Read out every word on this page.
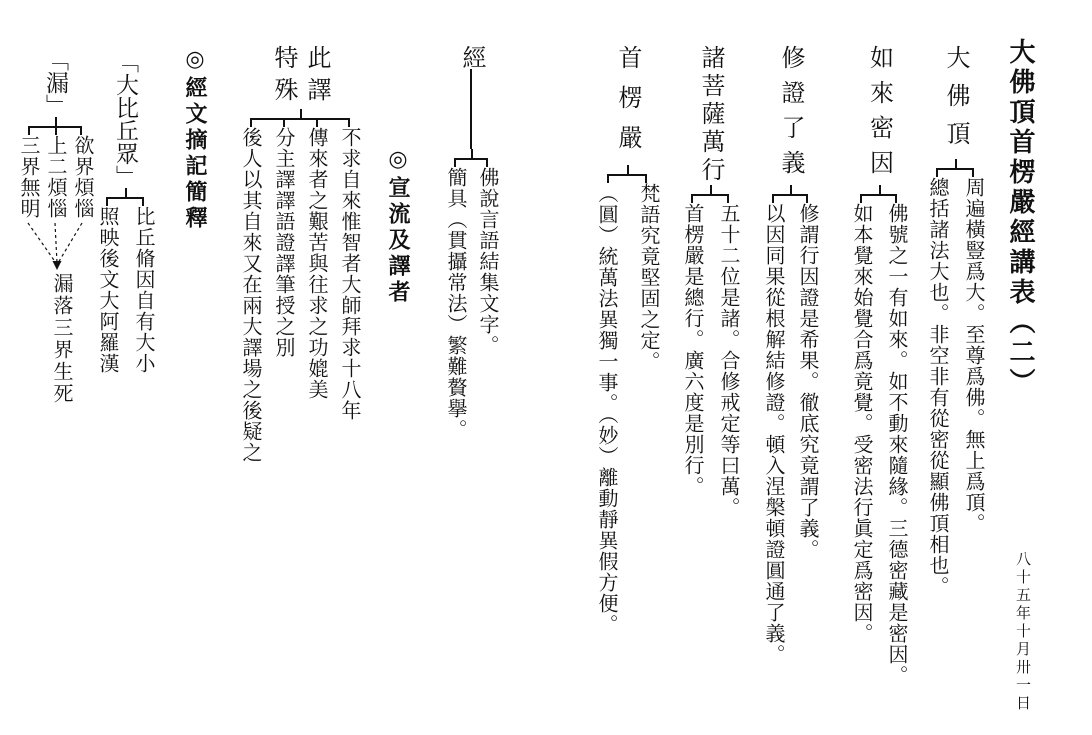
大佛頂首楞嚴經講表（二）
八十五年十月卅一日
大佛頂
周遍橫豎爲大。至尊爲佛。無上爲頂。
總括諸法大也。非空非有從密從顯佛頂相也。
如來密因
佛號之一有如來。如不動來隨緣。三德密藏是密因。
如本覺來始覺合爲竟覺。受密法行眞定爲密因。
修證了義
修謂行因證是希果。徹底究竟謂了義。
以因同果從根解結修證。頓入涅槃頓證圓通了義。
諸菩薩萬行
五十二位是諸。合修戒定等曰萬。
首楞嚴是總行。廣六度是別行。
首楞嚴
梵語究竟堅固之定。
（圓）統萬法異獨一事。（妙）離動靜異假方便。
經
佛說言語結集文字。
簡具（貫攝常法）繁難贅擧。
◎宣流及譯者
此譯
特殊
不求自來惟智者大師拜求十八年
傳來者之艱苦與往求之功媲美
分主譯譯語證譯筆授之別
後人以其自來又在兩大譯場之後疑之
◎經文摘記簡釋
「大比丘眾」
比丘脩因自有大小
照映後文大阿羅漢
「漏」
欲界煩惱
上二煩惱
三界無明
漏落三界生死
